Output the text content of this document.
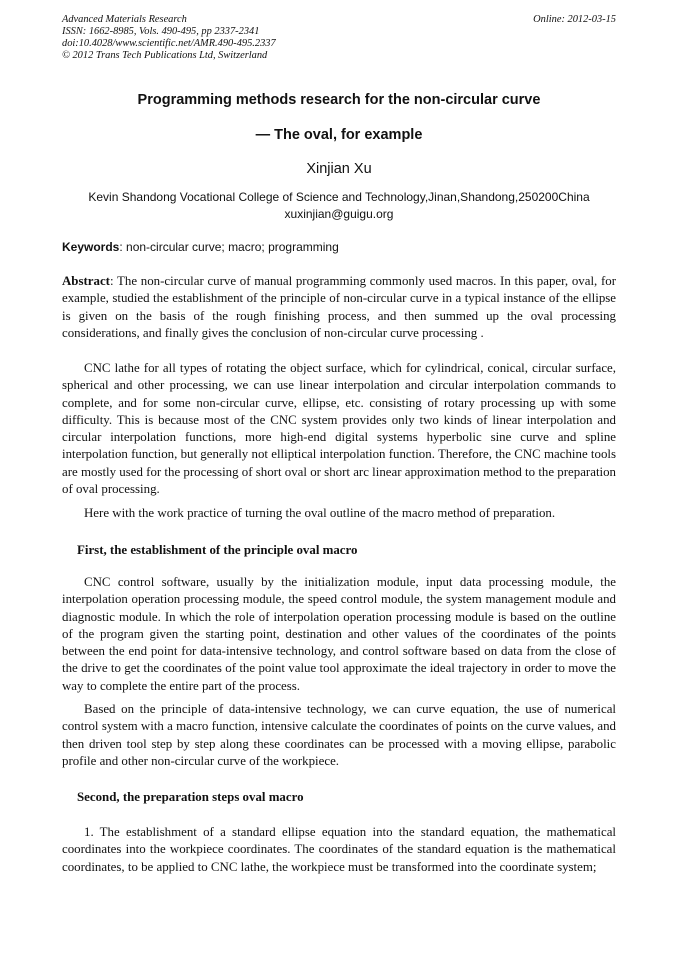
Advanced Materials Research
ISSN: 1662-8985, Vols. 490-495, pp 2337-2341
doi:10.4028/www.scientific.net/AMR.490-495.2337
© 2012 Trans Tech Publications Ltd, Switzerland
Online: 2012-03-15
Programming methods research for the non-circular curve
— The oval, for example
Xinjian Xu
Kevin Shandong Vocational College of Science and Technology,Jinan,Shandong,250200China
xuxinjian@guigu.org
Keywords: non-circular curve; macro; programming

Abstract: The non-circular curve of manual programming commonly used macros. In this paper, oval, for example, studied the establishment of the principle of non-circular curve in a typical instance of the ellipse is given on the basis of the rough finishing process, and then summed up the oval processing considerations, and finally gives the conclusion of non-circular curve processing .

CNC lathe for all types of rotating the object surface, which for cylindrical, conical, circular surface, spherical and other processing, we can use linear interpolation and circular interpolation commands to complete, and for some non-circular curve, ellipse, etc. consisting of rotary processing up with some difficulty. This is because most of the CNC system provides only two kinds of linear interpolation and circular interpolation functions, more high-end digital systems hyperbolic sine curve and spline interpolation function, but generally not elliptical interpolation function. Therefore, the CNC machine tools are mostly used for the processing of short oval or short arc linear approximation method to the preparation of oval processing.

Here with the work practice of turning the oval outline of the macro method of preparation.

First, the establishment of the principle oval macro

CNC control software, usually by the initialization module, input data processing module, the interpolation operation processing module, the speed control module, the system management module and diagnostic module. In which the role of interpolation operation processing module is based on the outline of the program given the starting point, destination and other values of the coordinates of the points between the end point for data-intensive technology, and control software based on data from the close of the drive to get the coordinates of the point value tool approximate the ideal trajectory in order to move the way to complete the entire part of the process.

Based on the principle of data-intensive technology, we can curve equation, the use of numerical control system with a macro function, intensive calculate the coordinates of points on the curve values, and then driven tool step by step along these coordinates can be processed with a moving ellipse, parabolic profile and other non-circular curve of the workpiece.

Second, the preparation steps oval macro

1. The establishment of a standard ellipse equation into the standard equation, the mathematical coordinates into the workpiece coordinates. The coordinates of the standard equation is the mathematical coordinates, to be applied to CNC lathe, the workpiece must be transformed into the coordinate system;
